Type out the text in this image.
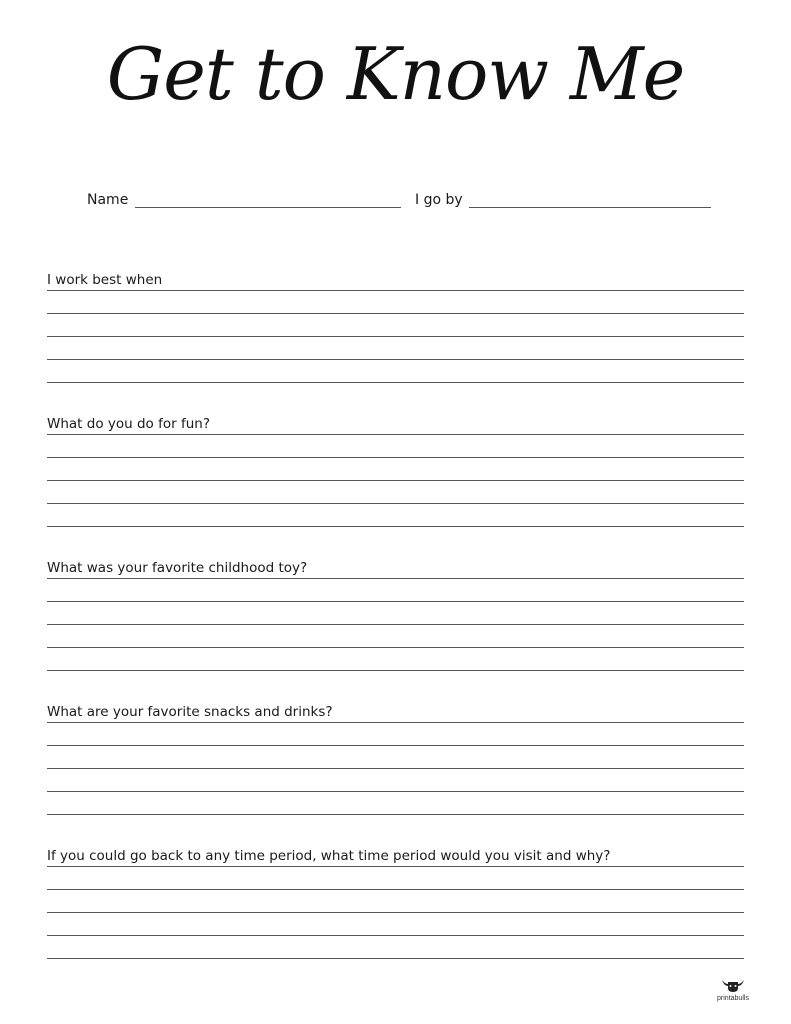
Get to Know Me
Name	I go by
I work best when
What do you do for fun?
What was your favorite childhood toy?
What are your favorite snacks and drinks?
If you could go back to any time period, what time period would you visit and why?
printabulls
